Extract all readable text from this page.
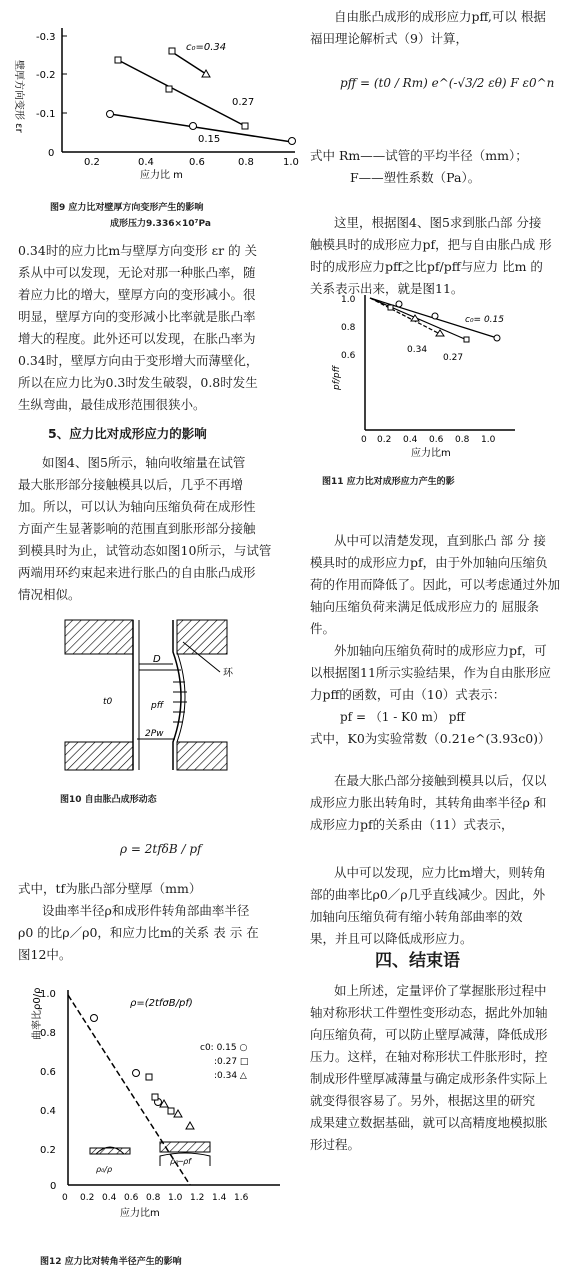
-0.3
-0.2
-0.1
0
0.2	0.4	0.6	0.8	1.0
c₀=0.34
0.27
0.15
壁厚方向变形 εr
应力比 m
图9 应力比对壁厚方向变形产生的影响
成形压力9.336×10⁷Pa
0.34时的应力比m与壁厚方向变形 εr 的 关
系从中可以发现，无论对那一种胀凸率，随
着应力比的增大，壁厚方向的变形减小。很
明显，壁厚方向的变形减小比率就是胀凸率
增大的程度。此外还可以发现，在胀凸率为
0.34时，壁厚方向由于变形增大而薄壁化，
所以在应力比为0.3时发生破裂，0.8时发生
生纵弯曲，最佳成形范围很狭小。
5、应力比对成形应力的影响
如图4、图5所示，轴向收缩量在试管
最大胀形部分接触模具以后，几乎不再增
加。所以，可以认为轴向压缩负荷在成形性
方面产生显著影响的范围直到胀形部分接触
到模具时为止，试管动态如图10所示，与试管
两端用环约束起来进行胀凸的自由胀凸成形
情况相似。
环
D
t0	pff
2Pw
图10 自由胀凸成形动态
ρ = 2tfδB / pf
式中，tf为胀凸部分壁厚（mm）
设曲率半径ρ和成形件转角部曲率半径
ρ0 的比ρ／ρ0，和应力比m的关系 表 示 在
图12中。
1.0
0.8
0.6
0.4
0.2
0
0 0.2 0.4 0.6 0.8 1.0 1.2 1.4 1.6
c0: 0.15 ○
:0.27 □
:0.34 △
ρ=(2tfσB/pf)
ρ₀/ρ
ρ₀─ρf
曲率比ρ0/ρ
应力比m
图12 应力比对转角半径产生的影响
自由胀凸成形的成形应力pff,可以 根据
福田理论解析式（9）计算，
pff = (t0 / Rm) e^(-√3/2 εθ) F ε0^n
式中 Rm——试管的平均半径（mm）；
F——塑性系数（Pa）。
这里，根据图4、图5求到胀凸部 分接
触模具时的成形应力pf，把与自由胀凸成 形
时的成形应力pff之比pf/pff与应力 比m 的
关系表示出来，就是图11。
1.0
0.8
0.6
0 0.2 0.4 0.6 0.8 1.0
c₀= 0.15
0.34
0.27
pf/pff
应力比m
图11 应力比对成形应力产生的影
从中可以清楚发现，直到胀凸 部 分 接
模具时的成形应力pf，由于外加轴向压缩负
荷的作用而降低了。因此，可以考虑通过外加
轴向压缩负荷来满足低成形应力的 屈服条
件。
外加轴向压缩负荷时的成形应力pf，可
以根据图11所示实验结果，作为自由胀形应
力pff的函数，可由（10）式表示：
pf = （1 - K0 m） pff
式中，K0为实验常数（0.21e^(3.93c0)）
在最大胀凸部分接触到模具以后，仅以
成形应力胀出转角时，其转角曲率半径ρ 和
成形应力pf的关系由（11）式表示，
从中可以发现，应力比m增大，则转角
部的曲率比ρ0／ρ几乎直线减少。因此，外
加轴向压缩负荷有缩小转角部曲率的效
果，并且可以降低成形应力。
四、结束语
如上所述，定量评价了掌握胀形过程中
轴对称形状工件塑性变形动态，据此外加轴
向压缩负荷，可以防止壁厚减薄，降低成形
压力。这样，在轴对称形状工件胀形时，控
制成形件壁厚减薄量与确定成形条件实际上
就变得很容易了。另外，根据这里的研究
成果建立数据基础，就可以高精度地模拟胀
形过程。
